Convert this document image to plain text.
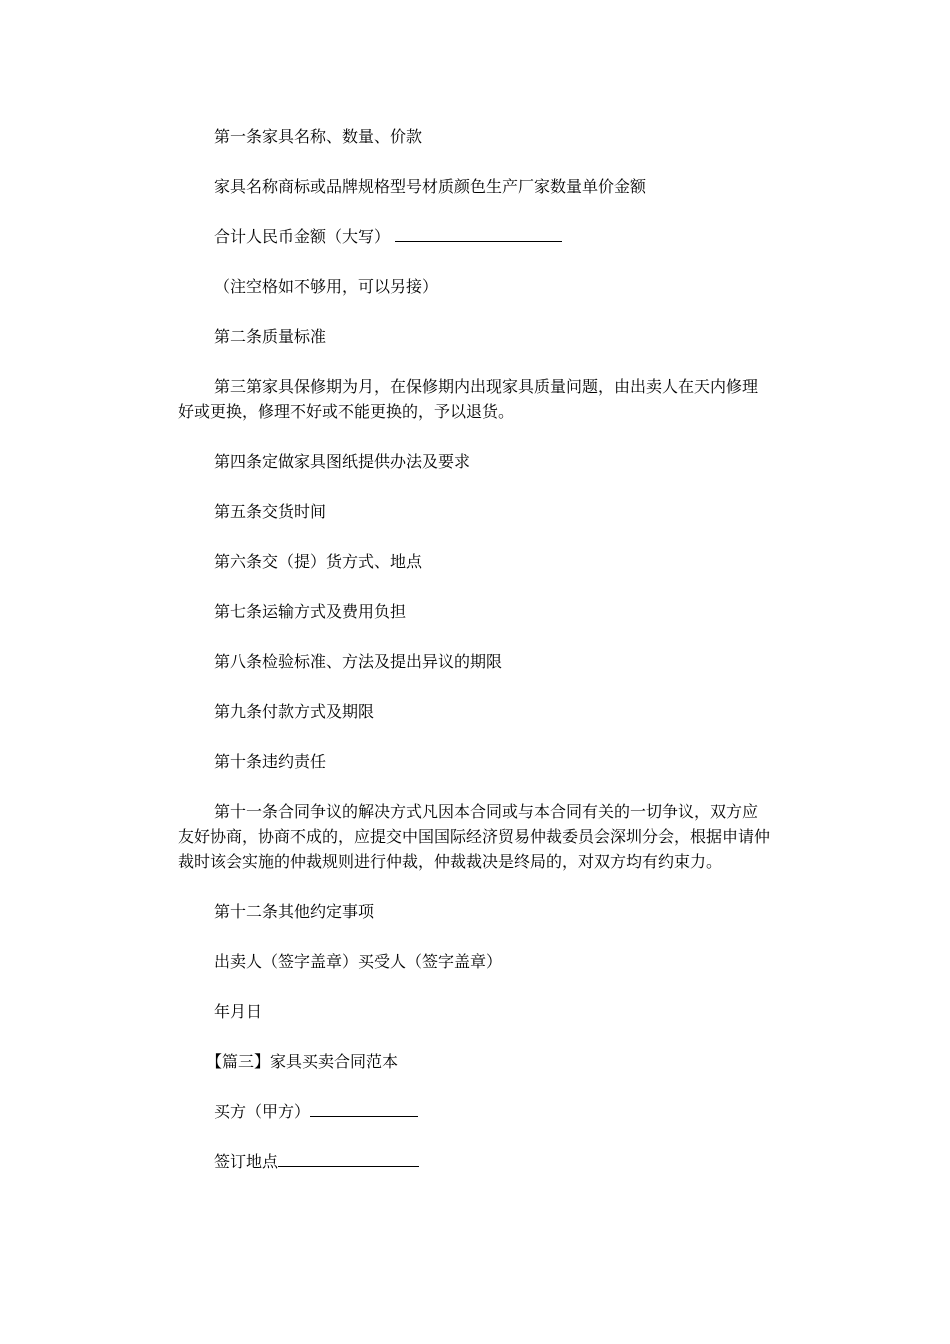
第一条家具名称、数量、价款

家具名称商标或品牌规格型号材质颜色生产厂家数量单价金额

合计人民币金额（大写）

（注空格如不够用，可以另接）

第二条质量标准

第三第家具保修期为月，在保修期内出现家具质量问题，由出卖人在天内修理好或更换，修理不好或不能更换的，予以退货。

第四条定做家具图纸提供办法及要求

第五条交货时间

第六条交（提）货方式、地点

第七条运输方式及费用负担

第八条检验标准、方法及提出异议的期限

第九条付款方式及期限

第十条违约责任

第十一条合同争议的解决方式凡因本合同或与本合同有关的一切争议，双方应友好协商，协商不成的，应提交中国国际经济贸易仲裁委员会深圳分会，根据申请仲裁时该会实施的仲裁规则进行仲裁，仲裁裁决是终局的，对双方均有约束力。

第十二条其他约定事项

出卖人（签字盖章）买受人（签字盖章）

年月日

【篇三】家具买卖合同范本

买方（甲方）

签订地点
